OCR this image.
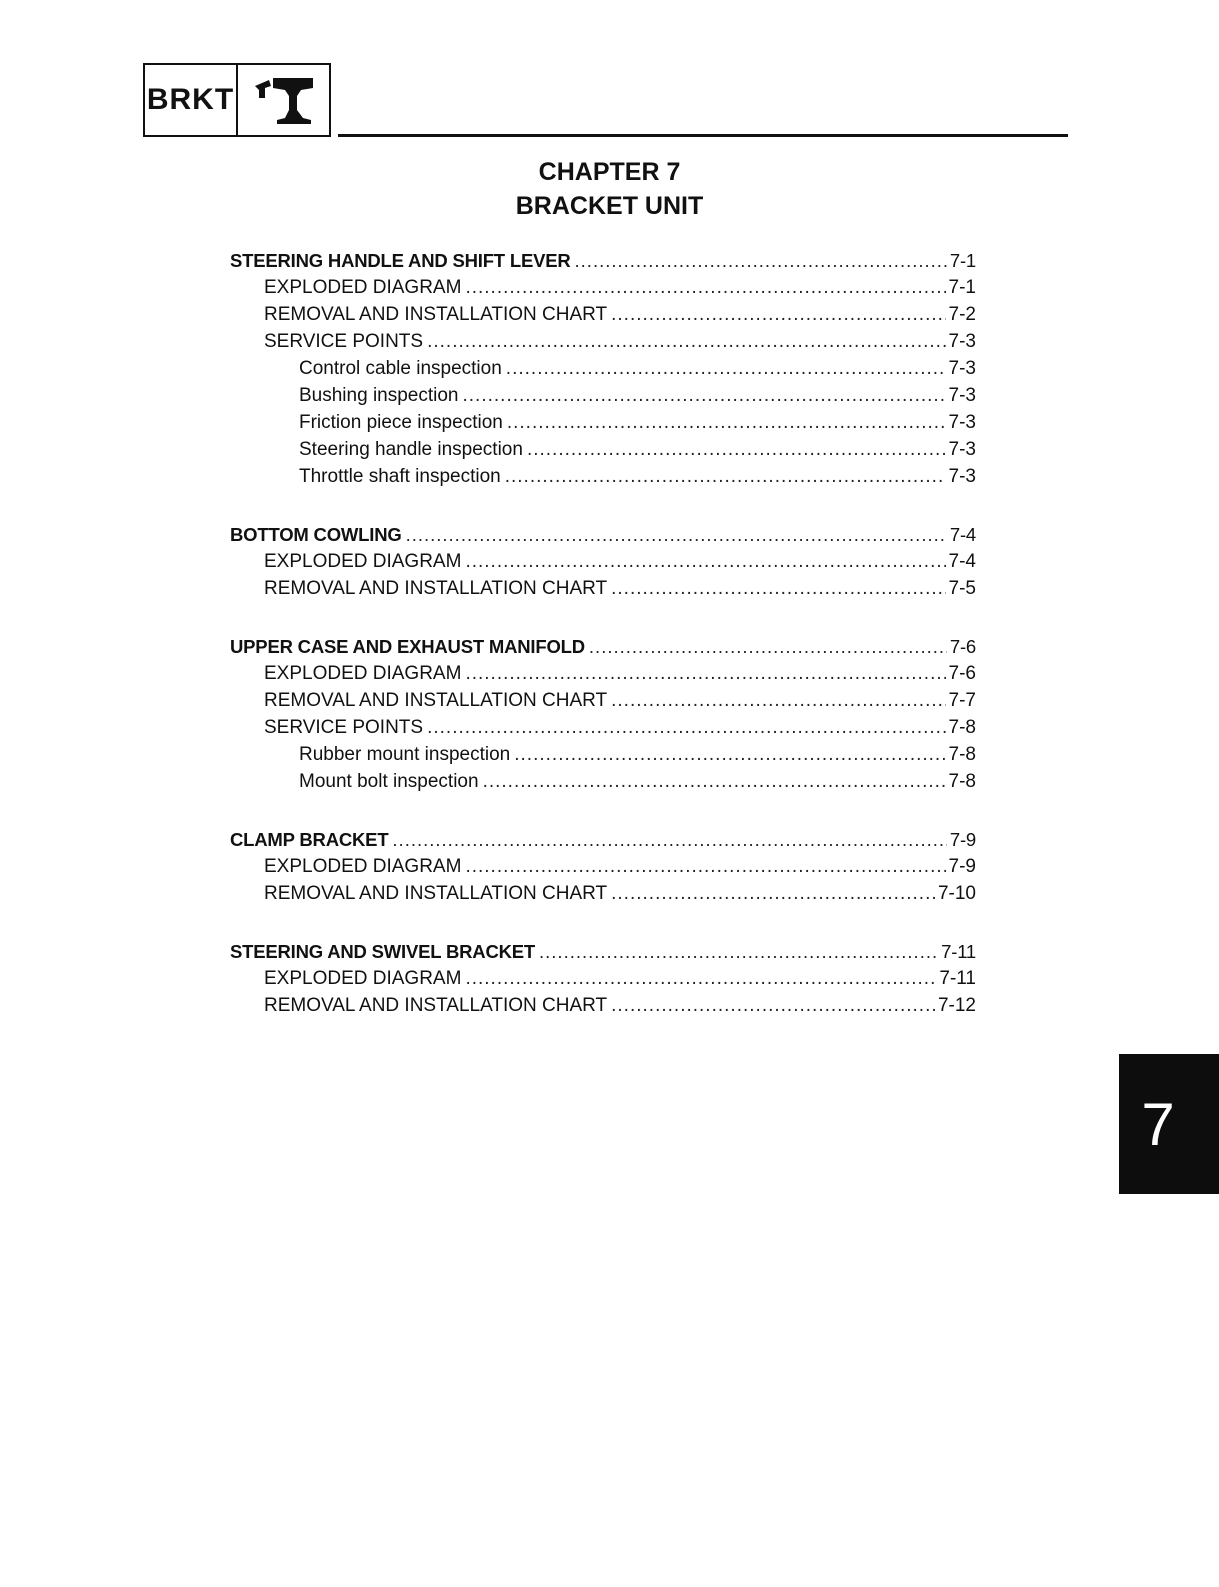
BRKT
CHAPTER 7
BRACKET UNIT
STEERING HANDLE AND SHIFT LEVER .....	7-1
EXPLODED DIAGRAM .....	7-1
REMOVAL AND INSTALLATION CHART .....	7-2
SERVICE POINTS .....	7-3
Control cable inspection .....	7-3
Bushing inspection .....	7-3
Friction piece inspection .....	7-3
Steering handle inspection .....	7-3
Throttle shaft inspection .....	7-3
BOTTOM COWLING .....	7-4
EXPLODED DIAGRAM .....	7-4
REMOVAL AND INSTALLATION CHART .....	7-5
UPPER CASE AND EXHAUST MANIFOLD .....	7-6
EXPLODED DIAGRAM .....	7-6
REMOVAL AND INSTALLATION CHART .....	7-7
SERVICE POINTS .....	7-8
Rubber mount inspection .....	7-8
Mount bolt inspection .....	7-8
CLAMP BRACKET .....	7-9
EXPLODED DIAGRAM .....	7-9
REMOVAL AND INSTALLATION CHART .....	7-10
STEERING AND SWIVEL BRACKET .....	7-11
EXPLODED DIAGRAM .....	7-11
REMOVAL AND INSTALLATION CHART .....	7-12
7
